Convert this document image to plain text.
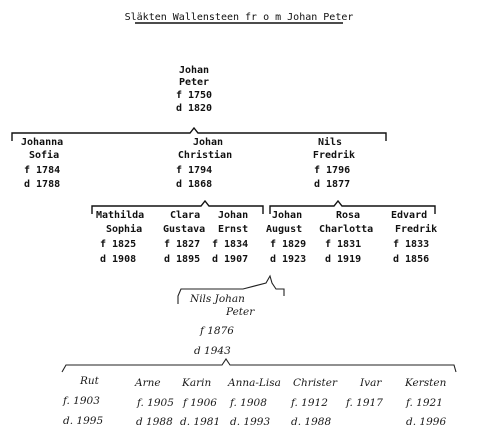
Släkten Wallensteen fr o m Johan Peter
Johan
Peter
f 1750
d 1820
Johanna
Sofia
f 1784
d 1788
Johan
Christian
f 1794
d 1868
Nils
Fredrik
f 1796
d 1877
Mathilda
Sophia
f 1825
d 1908
Clara
Gustava
f 1827
d 1895
Johan
Ernst
f 1834
d 1907
Johan
August
f 1829
d 1923
Rosa
Charlotta
f 1831
d 1919
Edvard
Fredrik
f 1833
d 1856
Nils Johan
Peter
f 1876
d 1943
Rut
f. 1903
d. 1995
Arne
f. 1905
d 1988
Karin
f 1906
d. 1981
Anna-Lisa
f. 1908
d. 1993
Christer
f. 1912
d. 1988
Ivar
f. 1917
Kersten
f. 1921
d. 1996
